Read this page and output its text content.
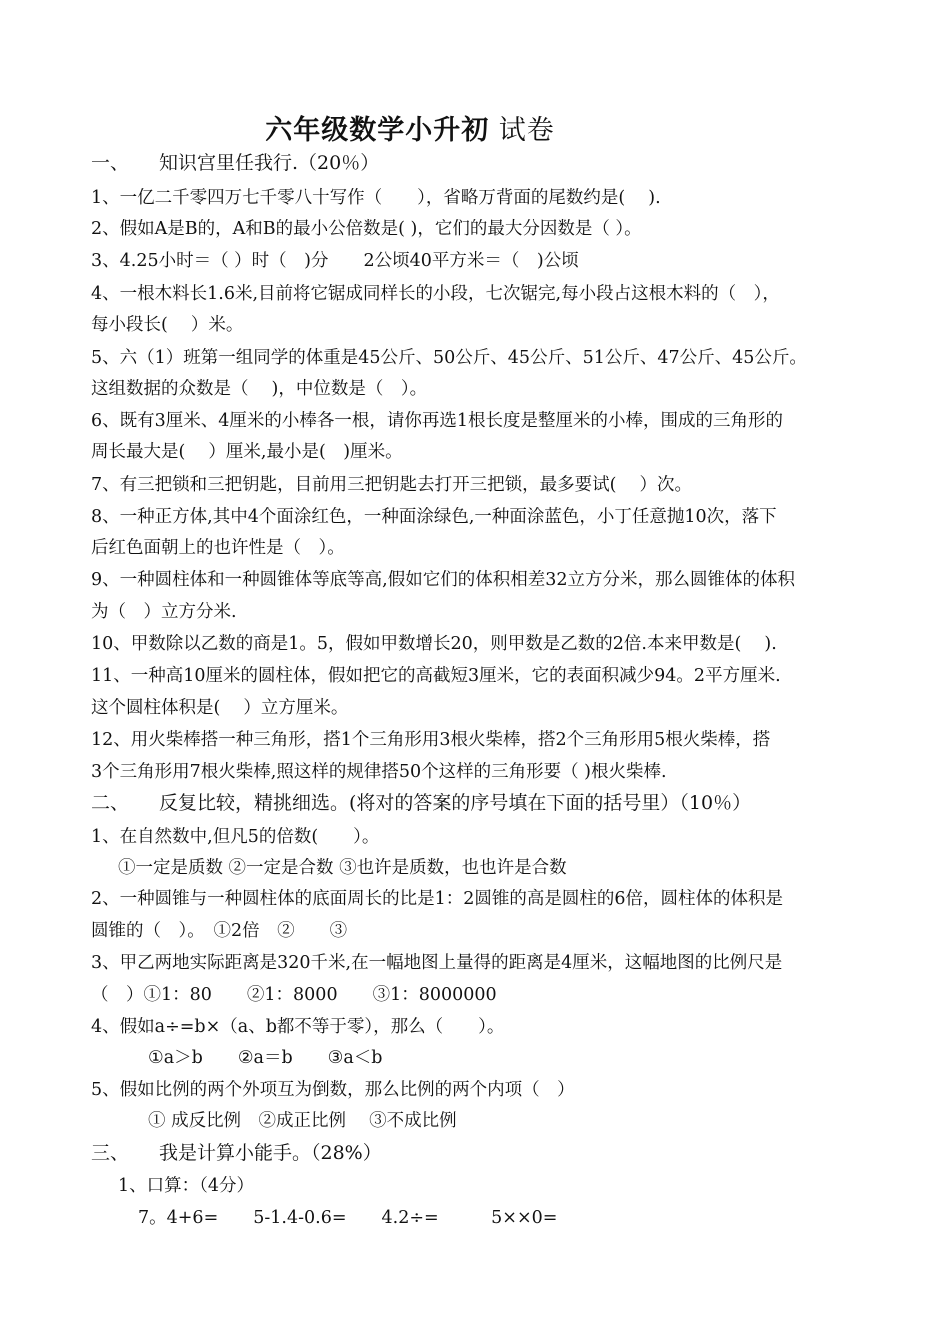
六年级数学小升初 试卷
一、 知识宫里任我行.（20％）
1、一亿二千零四万七千零八十写作（　　），省略万背面的尾数约是(　 ).
2、假如A是B的，A和B的最小公倍数是( )，它们的最大分因数是（ ）。
3、4.25小时＝（ ）时（　)分　　2公顷40平方米＝（　)公顷
4、一根木料长1.6米,目前将它锯成同样长的小段，七次锯完,每小段占这根木料的（　），
每小段长(　 ）米。
5、六（1）班第一组同学的体重是45公斤、50公斤、45公斤、51公斤、47公斤、45公斤。
这组数据的众数是（　 )，中位数是（　）。
6、既有3厘米、4厘米的小棒各一根，请你再选1根长度是整厘米的小棒，围成的三角形的
周长最大是(　 ）厘米,最小是(　)厘米。
7、有三把锁和三把钥匙，目前用三把钥匙去打开三把锁，最多要试(　 ）次。
8、一种正方体,其中4个面涂红色，一种面涂绿色,一种面涂蓝色，小丁任意抛10次，落下
后红色面朝上的也许性是（　）。
9、一种圆柱体和一种圆锥体等底等高,假如它们的体积相差32立方分米，那么圆锥体的体积
为（　）立方分米.
10、甲数除以乙数的商是1。5，假如甲数增长20，则甲数是乙数的2倍.本来甲数是(　 ).
11、一种高10厘米的圆柱体，假如把它的高截短3厘米，它的表面积减少94。2平方厘米.
这个圆柱体积是(　 ）立方厘米。
12、用火柴棒搭一种三角形，搭1个三角形用3根火柴棒，搭2个三角形用5根火柴棒，搭
3个三角形用7根火柴棒,照这样的规律搭50个这样的三角形要（ )根火柴棒.
二、 反复比较，精挑细选。(将对的答案的序号填在下面的括号里）（10％）
1、在自然数中,但凡5的倍数(　　）。
①一定是质数 ②一定是合数 ③也许是质数，也也许是合数
2、一种圆锥与一种圆柱体的底面周长的比是1：2圆锥的高是圆柱的6倍，圆柱体的体积是
圆锥的（　）。　①2倍　②　　③
3、甲乙两地实际距离是320千米,在一幅地图上量得的距离是4厘米，这幅地图的比例尺是
（　）①1：80　　②1：8000　　③1：8000000
4、假如a÷=b×（a、b都不等于零），那么（　　）。
①a＞b　　②a＝b　　③a＜b
5、假如比例的两个外项互为倒数，那么比例的两个内项（　）
① 成反比例　②成正比例　 ③不成比例
三、 我是计算小能手。（28%）
1、口算：（4分）
7。4+6=　　5-1.4-0.6=　　4.2÷=　　　5××0=
